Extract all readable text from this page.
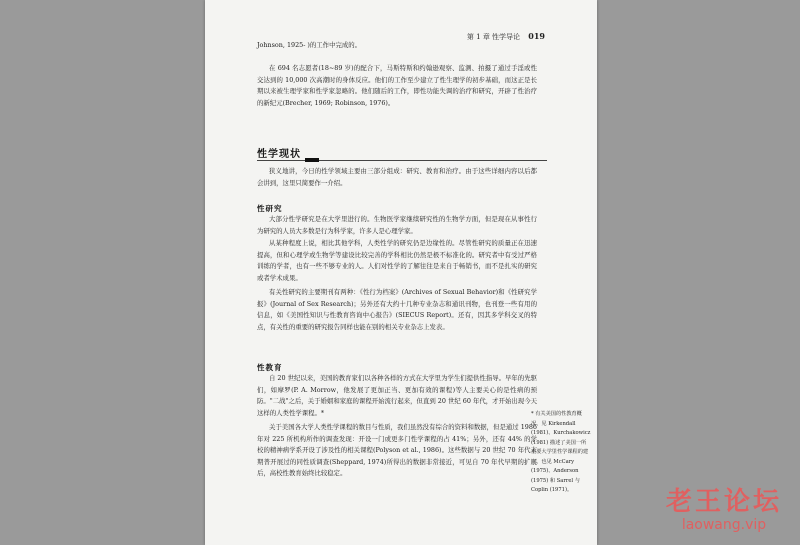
第 1 章 性学导论 019

Johnson, 1925- )的工作中完成的。

在 694 名志愿者(18~89 岁)的配合下，马斯特斯和约翰逊观察、监测、拍摄了通过手淫或性交达到的 10,000 次高潮时的身体反应。他们的工作至少建立了性生理学的初步基础，而这正是长期以来被生理学家和性学家忽略的。他们随后的工作，即性功能失调的治疗和研究，开辟了性治疗的新纪元(Brecher, 1969; Robinson, 1976)。

性学现状

狭义地讲，今日的性学领域主要由三部分组成：研究、教育和治疗。由于这些详细内容以后都会讲到，这里只简要作一介绍。

性研究

大部分性学研究是在大学里进行的。生物医学家继续研究性的生物学方面，但是现在从事性行为研究的人员大多数是行为科学家，许多人是心理学家。

从某种程度上说，相比其他学科，人类性学的研究仍是边缘性的。尽管性研究的质量正在迅速提高，但和心理学或生物学等建设比较完善的学科相比仍然是极不标准化的。研究者中有受过严格训练的学者，也有一些不够专业的人。人们对性学的了解往往是来自于畅销书，而不是扎实的研究或者学术成果。

有关性研究的主要期刊有两种：《性行为档案》(Archives of Sexual Behavior)和《性研究学报》(Journal of Sex Research)；另外还有大约十几种专业杂志和通讯刊物，也刊登一些有用的信息，如《美国性知识与性教育咨询中心报告》(SIECUS Report)。还有，因其多学科交叉的特点，有关性的重要的研究报告同样也能在别的相关专业杂志上发表。

性教育

自 20 世纪以来，美国的教育家们以各种各样的方式在大学里为学生们提供性指导。早年的先驱们，如摩罗(P. A. Morrow，他发展了更加正当、更加有效的课程)等人主要关心的是性病的预防。"二战"之后，关于婚姻和家庭的课程开始流行起来，但直到 20 世纪 60 年代，才开始出现今天这样的人类性学课程。*

关于美国各大学人类性学课程的数目与性质，我们虽然没有综合的资料和数据，但是通过 1986 年对 225 所机构所作的调查发现：开设一门或更多门性学课程的占 41%；另外，还有 44% 的学校的精神病学系开设了涉及性的相关课程(Polyson et al., 1986)。这些数据与 20 世纪 70 年代末期普开展过的同性质调查(Sheppard, 1974)所得出的数据非常接近，可见自 70 年代早期的扩展后，高校性教育始终比较稳定。

* 有关美国的性教育概况，见 Kirkendall (1981)、Kurchakowicz (1981) 描述了美国一所重要大学里性学课程的建立，也见 McCary (1975)、Anderson (1975) 和 Sarrel 与 Coplin (1971)。	老王论坛
laowang.vip
